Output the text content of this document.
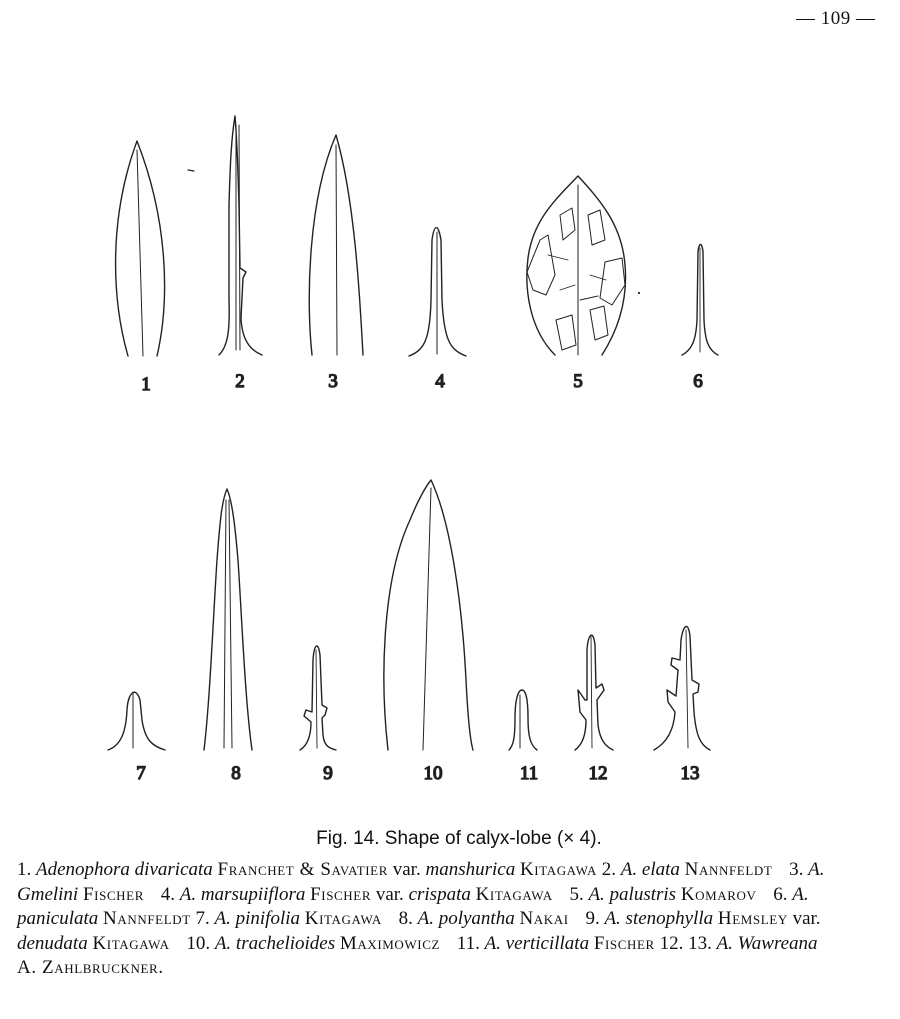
— 109 —
1	2	3	4	5	6
7	8	9	10	11	12	13
Fig. 14. Shape of calyx-lobe (× 4).
1. Adenophora divaricata Franchet & Savatier var. manshurica Kitagawa 2. A. elata Nannfeldt 3. A. Gmelini Fischer 4. A. marsupiiflora Fischer var. crispata Kitagawa 5. A. palustris Komarov 6. A. paniculata Nannfeldt 7. A. pinifolia Kitagawa 8. A. polyantha Nakai 9. A. stenophylla Hemsley var. denudata Kitagawa 10. A. trachelioides Maximowicz 11. A. verticillata Fischer 12. 13. A. Wawreana A. Zahlbruckner.
